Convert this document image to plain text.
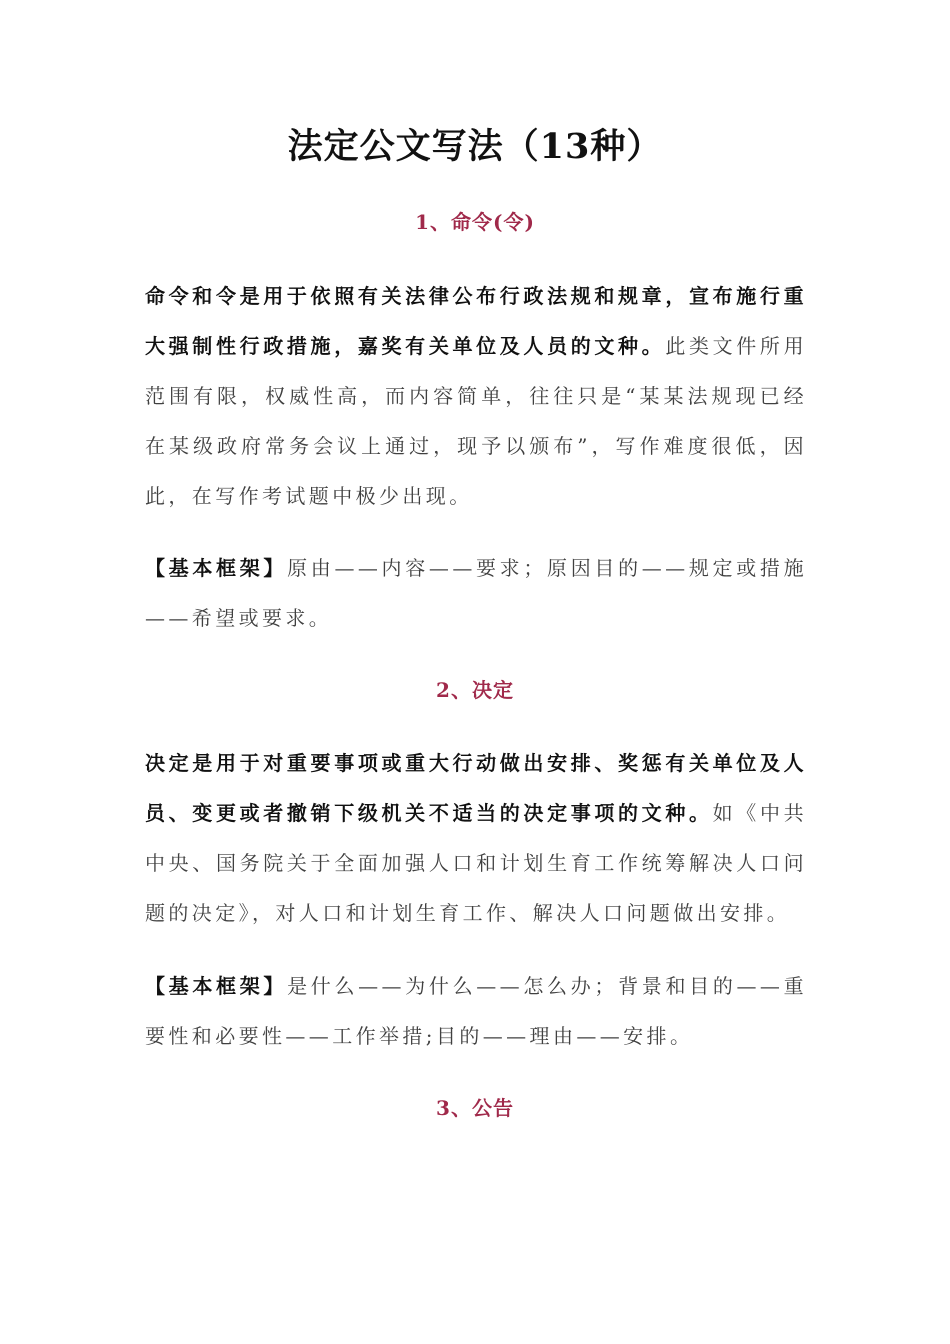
法定公文写法（13种）
1、命令(令)
命令和令是用于依照有关法律公布行政法规和规章，宣布施行重大强制性行政措施，嘉奖有关单位及人员的文种。此类文件所用范围有限，权威性高，而内容简单，往往只是“某某法规现已经在某级政府常务会议上通过，现予以颁布”，写作难度很低，因此，在写作考试题中极少出现。
【基本框架】原由——内容——要求；原因目的——规定或措施——希望或要求。
2、决定
决定是用于对重要事项或重大行动做出安排、奖惩有关单位及人员、变更或者撤销下级机关不适当的决定事项的文种。如《中共中央、国务院关于全面加强人口和计划生育工作统筹解决人口问题的决定》，对人口和计划生育工作、解决人口问题做出安排。
【基本框架】是什么——为什么——怎么办；背景和目的——重要性和必要性——工作举措;目的——理由——安排。
3、公告
